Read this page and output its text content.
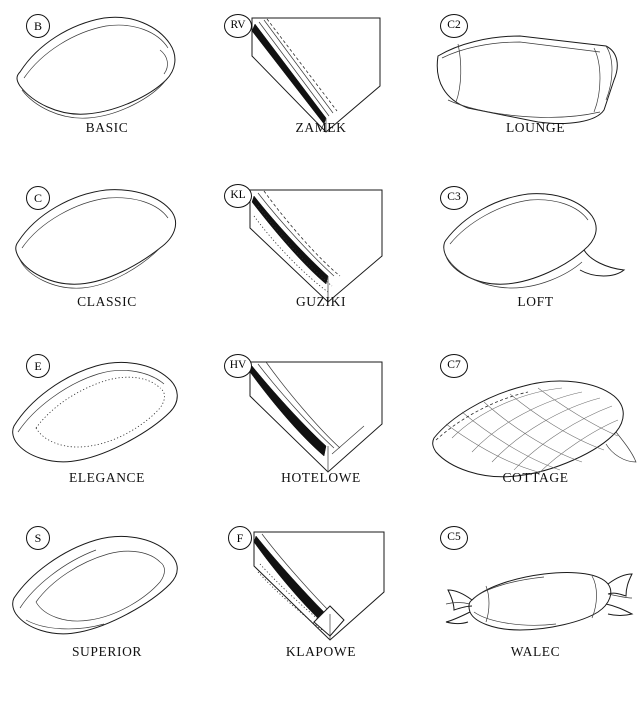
B
BASIC
RV
ZAMEK
C2
LOUNGE
C
CLASSIC
KL
GUZIKI
C3
LOFT
E
ELEGANCE
HV
HOTELOWE
C7
COTTAGE
S
SUPERIOR
F
KLAPOWE
C5
WALEC
